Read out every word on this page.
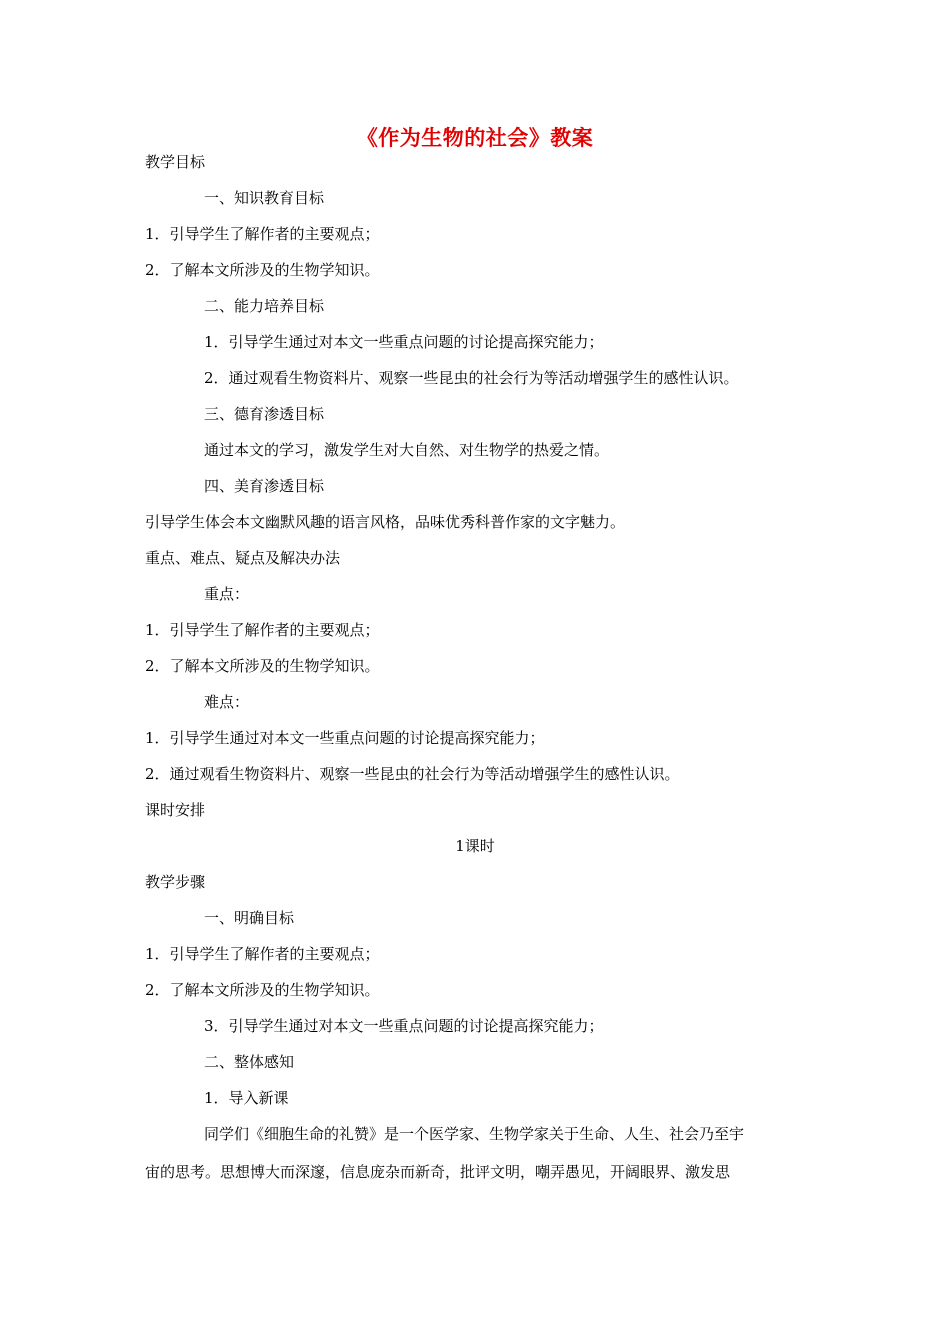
《作为生物的社会》教案
教学目标
一、知识教育目标
1．引导学生了解作者的主要观点；
2．了解本文所涉及的生物学知识。
二、能力培养目标
1．引导学生通过对本文一些重点问题的讨论提高探究能力；
2．通过观看生物资料片、观察一些昆虫的社会行为等活动增强学生的感性认识。
三、德育渗透目标
通过本文的学习，激发学生对大自然、对生物学的热爱之情。
四、美育渗透目标
引导学生体会本文幽默风趣的语言风格，品味优秀科普作家的文字魅力。
重点、难点、疑点及解决办法
重点：
1．引导学生了解作者的主要观点；
2．了解本文所涉及的生物学知识。
难点：
1．引导学生通过对本文一些重点问题的讨论提高探究能力；
2．通过观看生物资料片、观察一些昆虫的社会行为等活动增强学生的感性认识。
课时安排
1课时
教学步骤
一、明确目标
1．引导学生了解作者的主要观点；
2．了解本文所涉及的生物学知识。
3．引导学生通过对本文一些重点问题的讨论提高探究能力；
二、整体感知
1．导入新课
同学们《细胞生命的礼赞》是一个医学家、生物学家关于生命、人生、社会乃至宇
宙的思考。思想博大而深邃，信息庞杂而新奇，批评文明，嘲弄愚见，开阔眼界、激发思
